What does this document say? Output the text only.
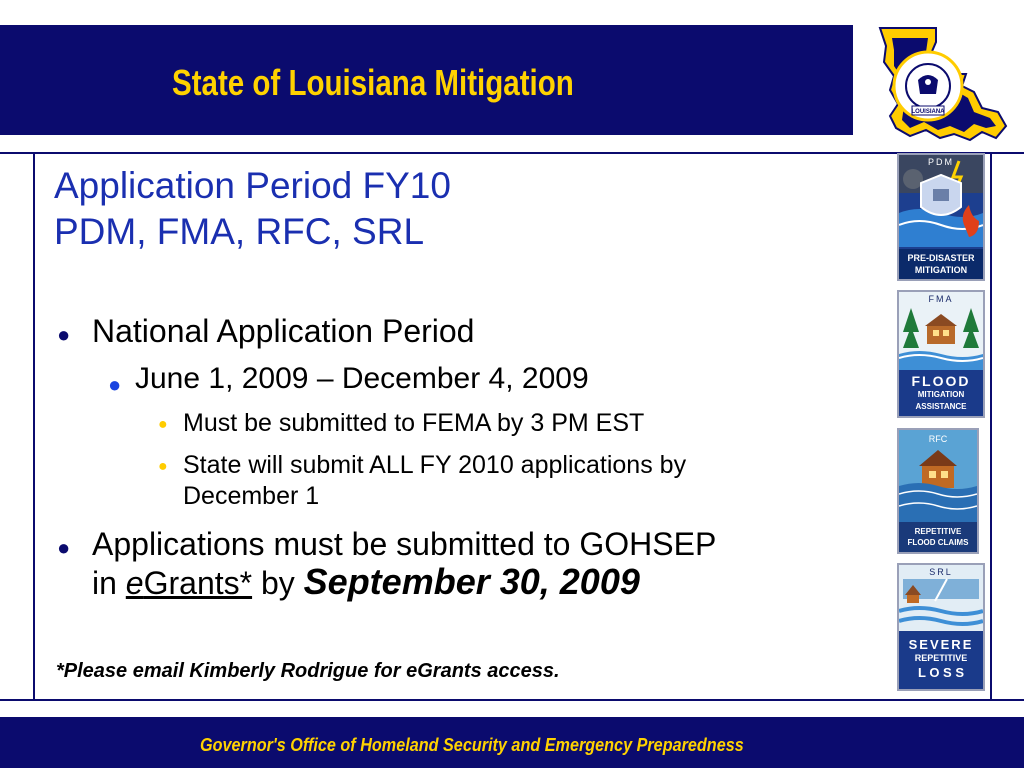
State of Louisiana Mitigation
LOUISIANA
Application Period FY10
PDM, FMA, RFC, SRL
● National Application Period
● June 1, 2009 – December 4, 2009
● Must be submitted to FEMA by 3 PM EST
● State will submit ALL FY 2010 applications by
December 1
● Applications must be submitted to GOHSEP
in eGrants* by September 30, 2009
*Please email Kimberly Rodrigue for eGrants access.
PDM
PRE-DISASTER
MITIGATION
FMA
FLOOD
MITIGATION
ASSISTANCE
RFC
REPETITIVE
FLOOD CLAIMS
SRL
SEVERE
REPETITIVE
L O S S
Governor's Office of Homeland Security and Emergency Preparedness
